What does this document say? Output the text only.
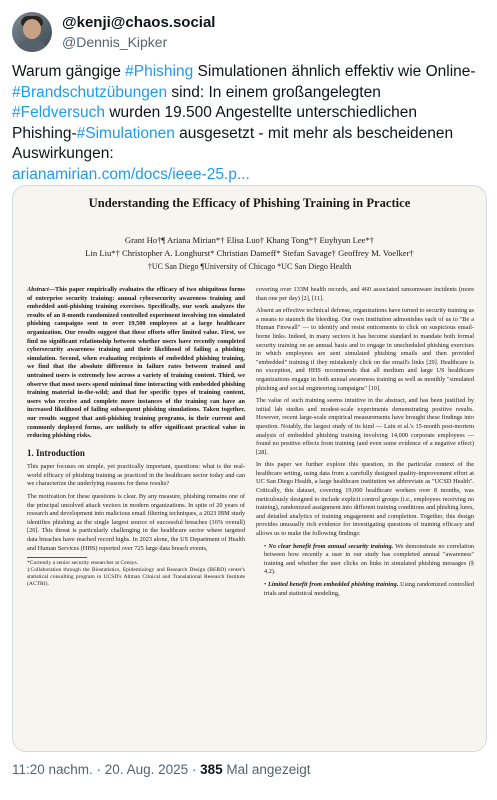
@kenji@chaos.social
@Dennis_Kipker
Warum gängige #Phishing Simulationen ähnlich effektiv wie Online-#Brandschutzübungen sind: In einem großangelegten
#Feldversuch wurden 19.500 Angestellte unterschiedlichen Phishing-#Simulationen ausgesetzt - mit mehr als bescheidenen Auswirkungen:
arianamirian.com/docs/ieee-25.p...
Understanding the Efficacy of Phishing Training in Practice
Grant Ho†¶ Ariana Mirian*† Elisa Luo† Khang Tong*† Euyhyun Lee*†
Lin Liu*† Christopher A. Longhurst* Christian Dameff* Stefan Savage† Geoffrey M. Voelker†
†UC San Diego ¶University of Chicago *UC San Diego Health

Abstract—This paper empirically evaluates the efficacy of two ubiquitous forms of enterprise security training: annual cybersecurity awareness training and embedded anti-phishing training exercises. Specifically, our work analyzes the results of an 8-month randomized controlled experiment involving ten simulated phishing campaigns sent to over 19,500 employees at a large healthcare organization. Our results suggest that these efforts offer limited value. First, we find no significant relationship between whether users have recently completed cybersecurity awareness training and their likelihood of failing a phishing simulation. Second, when evaluating recipients of embedded phishing training, we find that the absolute difference in failure rates between trained and untrained users is extremely low across a variety of training content. Third, we observe that most users spend minimal time interacting with embedded phishing training material in-the-wild; and that for specific types of training content, users who receive and complete more instances of the training can have an increased likelihood of failing subsequent phishing simulations. Taken together, our results suggest that anti-phishing training programs, in their current and commonly deployed forms, are unlikely to offer significant practical value in reducing phishing risks.

1. Introduction

This paper focuses on simple, yet practically important, questions: what is the real-world efficacy of phishing training as practiced in the healthcare sector today and can we characterize the underlying reasons for these results?

The motivation for these questions is clear. By any measure, phishing remains one of the principal unsolved attack vectors in modern organizations. In spite of 20 years of research and development into malicious email filtering techniques, a 2023 IBM study identifies phishing as the single largest source of successful breaches (16% overall) [20]. This threat is particularly challenging in the healthcare sector where targeted data breaches have reached record highs. In 2023 alone, the US Department of Health and Human Services (HHS) reported over 725 large data breach events,

*Currently a senior security researcher at Censys.
‡Collaboration through the Biostatistics, Epidemiology and Research Design (BERD) center's statistical consulting program in UCSD's Altman Clinical and Translational Research Institute (ACTRI).

covering over 133M health records, and 460 associated ransomware incidents (more than one per day) [2], [11].

Absent an effective technical defense, organizations have turned to security training as a means to staunch the bleeding. Our own institution admonishes each of us to "Be a Human Firewall" — to identify and resist enticements to click on suspicious email-borne links. Indeed, in many sectors it has become standard to mandate both formal security training on an annual basis and to engage in unscheduled phishing exercises in which employees are sent simulated phishing emails and then provided "embedded" training if they mistakenly click on the email's links [29]. Healthcare is no exception, and HHS recommends that all medium and large US healthcare organizations engage in both annual awareness training as well as monthly "simulated phishing and social engineering campaigns" [10].

The value of such training seems intuitive in the abstract, and has been justified by initial lab studies and modest-scale experiments demonstrating positive results. However, recent large-scale empirical measurements have brought these findings into question. Notably, the largest study of its kind — Lain et al.'s 15-month post-mortem analysis of embedded phishing training involving 14,000 corporate employees — found no positive effects from training (and even some evidence of a negative effect) [28].

In this paper we further explore this question, in the particular context of the healthcare setting, using data from a carefully designed quality-improvement effort at UC San Diego Health, a large healthcare institution we abbreviate as "UCSD Health". Critically, this dataset, covering 19,000 healthcare workers over 8 months, was meticulously designed to include explicit control groups (i.e., employees receiving no training), randomized assignment into different training conditions and phishing lures, and detailed analytics of training engagement and completion. Together, this design provides unusually rich evidence for investigating questions of training efficacy and allows us to make the following findings:

• No clear benefit from annual security training. We demonstrate no correlation between how recently a user in our study has completed annual "awareness" training and whether the user clicks on links in simulated phishing messages (§ 4.2).

• Limited benefit from embedded phishing training. Using randomized controlled trials and statistical modeling,

11:20 nachm. · 20. Aug. 2025 · 385 Mal angezeigt
